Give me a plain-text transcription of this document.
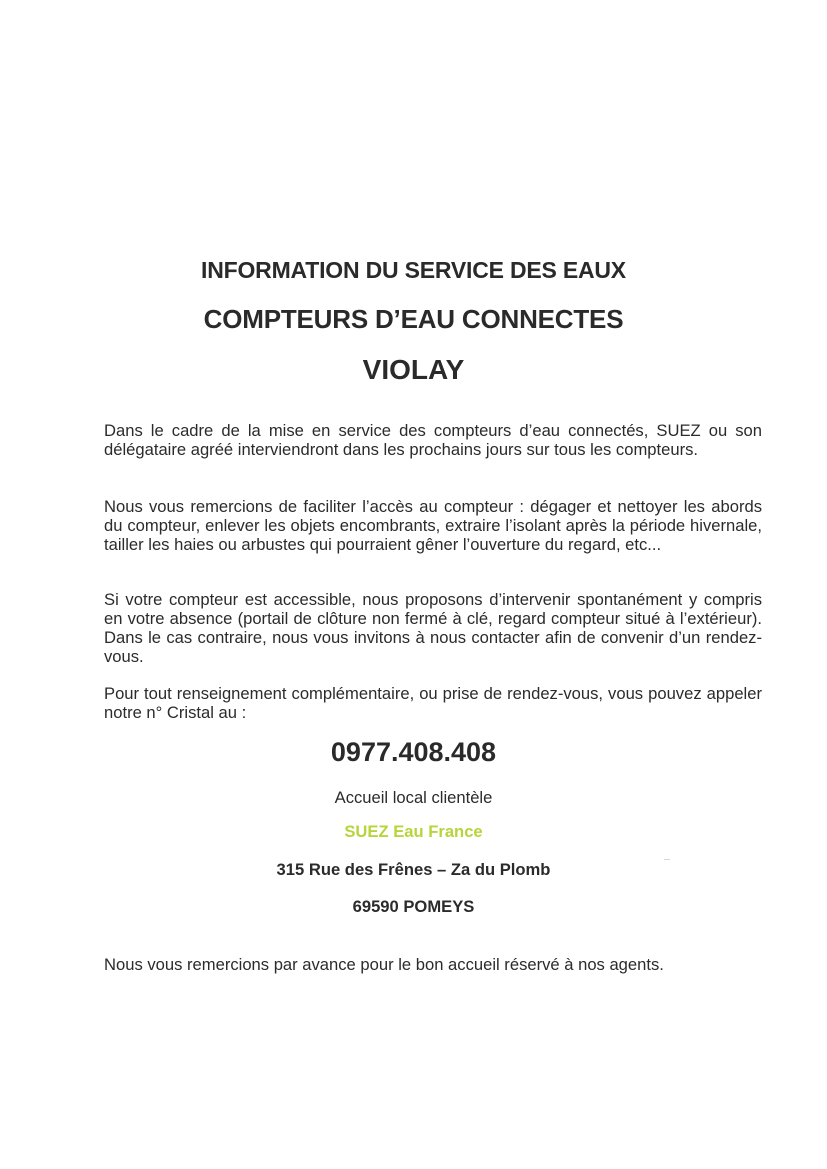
INFORMATION DU SERVICE DES EAUX
COMPTEURS D’EAU CONNECTES
VIOLAY
Dans le cadre de la mise en service des compteurs d’eau connectés, SUEZ ou son délégataire agréé interviendront dans les prochains jours sur tous les compteurs.
Nous vous remercions de faciliter l’accès au compteur : dégager et nettoyer les abords du compteur, enlever les objets encombrants, extraire l’isolant après la période hivernale, tailler les haies ou arbustes qui pourraient gêner l’ouverture du regard, etc...
Si votre compteur est accessible, nous proposons d’intervenir spontanément y compris en votre absence (portail de clôture non fermé à clé, regard compteur situé à l’extérieur). Dans le cas contraire, nous vous invitons à nous contacter afin de convenir d’un rendez-vous.
Pour tout renseignement complémentaire, ou prise de rendez-vous, vous pouvez appeler notre n° Cristal au :
0977.408.408
Accueil local clientèle
SUEZ Eau France
315 Rue des Frênes – Za du Plomb
69590 POMEYS
Nous vous remercions par avance pour le bon accueil réservé à nos agents.
